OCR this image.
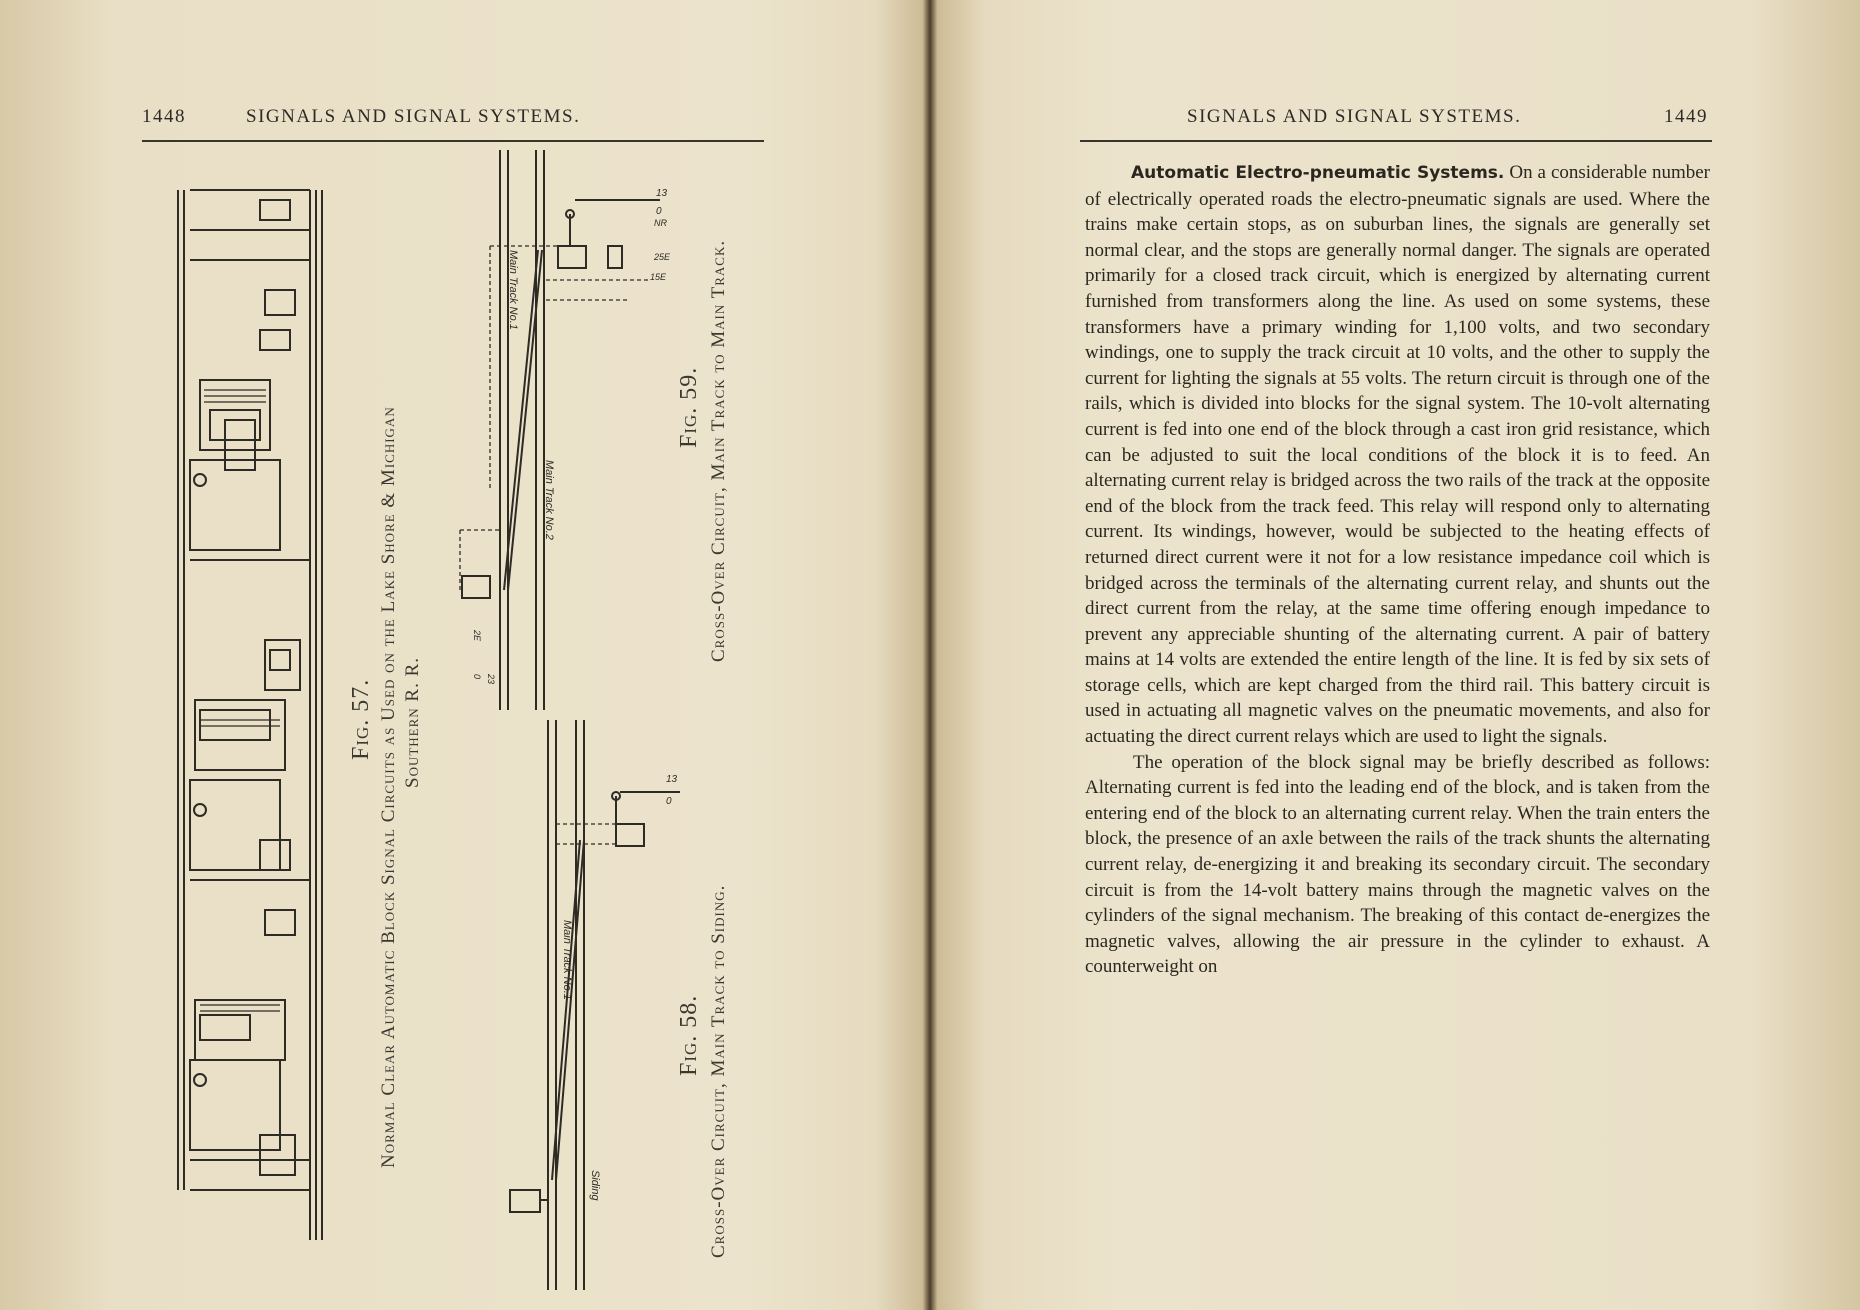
1448	SIGNALS AND SIGNAL SYSTEMS.
Fig. 57. Normal Clear Automatic Block Signal Circuits as Used on the Lake Shore & Michigan Southern R. R.
13
0
NR
25E
15E
Main Track No.1
Main Track No.2
2E
0 23
13
0
Main Track No.1
Siding
Fig. 59. Cross-Over Circuit, Main Track to Main Track.
Fig. 58. Cross-Over Circuit, Main Track to Siding.
SIGNALS AND SIGNAL SYSTEMS.	1449

Automatic Electro-pneumatic Systems. On a considerable number of electrically operated roads the electro-pneumatic signals are used. Where the trains make certain stops, as on suburban lines, the signals are generally set normal clear, and the stops are generally normal danger. The signals are operated primarily for a closed track circuit, which is energized by alternating current furnished from transformers along the line. As used on some systems, these transformers have a primary winding for 1,100 volts, and two secondary windings, one to supply the track circuit at 10 volts, and the other to supply the current for lighting the signals at 55 volts. The return circuit is through one of the rails, which is divided into blocks for the signal system. The 10-volt alternating current is fed into one end of the block through a cast iron grid resistance, which can be adjusted to suit the local conditions of the block it is to feed. An alternating current relay is bridged across the two rails of the track at the opposite end of the block from the track feed. This relay will respond only to alternating current. Its windings, however, would be subjected to the heating effects of returned direct current were it not for a low resistance impedance coil which is bridged across the terminals of the alternating current relay, and shunts out the direct current from the relay, at the same time offering enough impedance to prevent any appreciable shunting of the alternating current. A pair of battery mains at 14 volts are extended the entire length of the line. It is fed by six sets of storage cells, which are kept charged from the third rail. This battery circuit is used in actuating all magnetic valves on the pneumatic movements, and also for actuating the direct current relays which are used to light the signals.

The operation of the block signal may be briefly described as follows: Alternating current is fed into the leading end of the block, and is taken from the entering end of the block to an alternating current relay. When the train enters the block, the presence of an axle between the rails of the track shunts the alternating current relay, de-energizing it and breaking its secondary circuit. The secondary circuit is from the 14-volt battery mains through the magnetic valves on the cylinders of the signal mechanism. The breaking of this contact de-energizes the magnetic valves, allowing the air pressure in the cylinder to exhaust. A counterweight on
